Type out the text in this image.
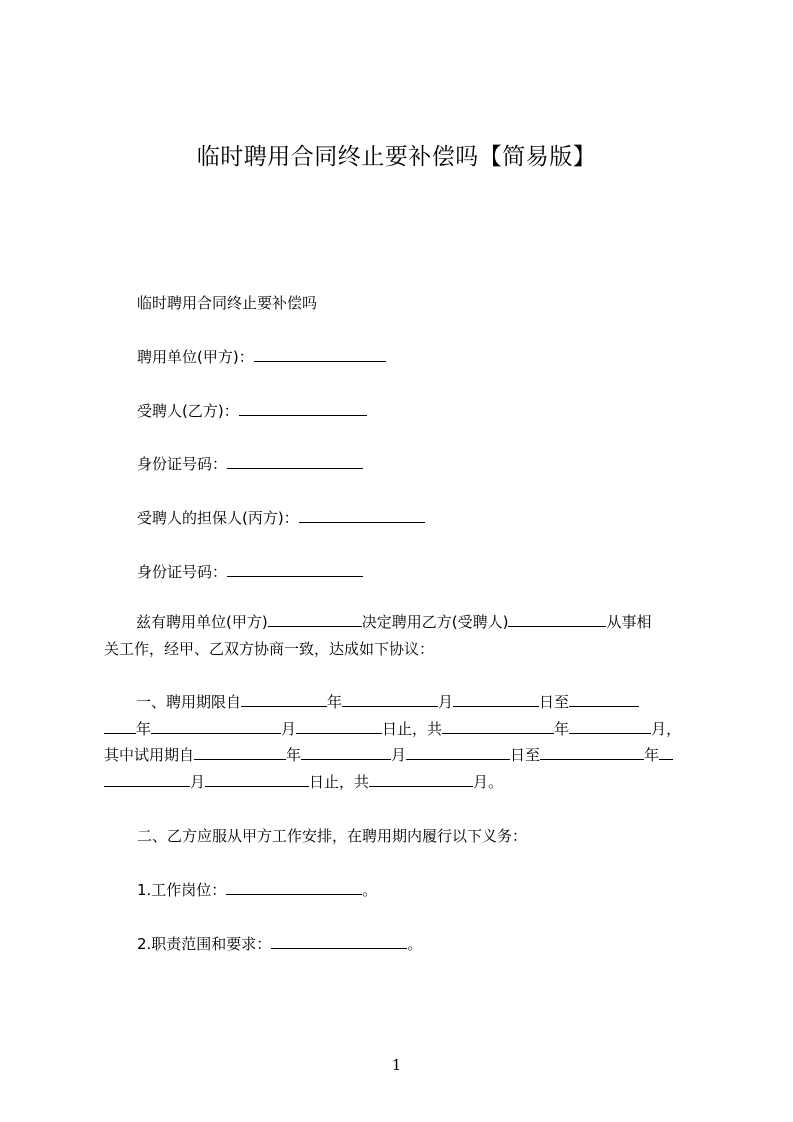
临时聘用合同终止要补偿吗【简易版】
临时聘用合同终止要补偿吗
聘用单位(甲方)：
受聘人(乙方)：
身份证号码：
受聘人的担保人(丙方)：
身份证号码：
兹有聘用单位(甲方)	决定聘用乙方(受聘人)	从事相
关工作，经甲、乙双方协商一致，达成如下协议：
一、聘用期限自	年	月	日至
年	月	日止，共	年	月，
其中试用期自	年	月	日至	年
月	日止，共	月。
二、乙方应服从甲方工作安排，在聘用期内履行以下义务：
1.工作岗位：	。
2.职责范围和要求：	。
1
